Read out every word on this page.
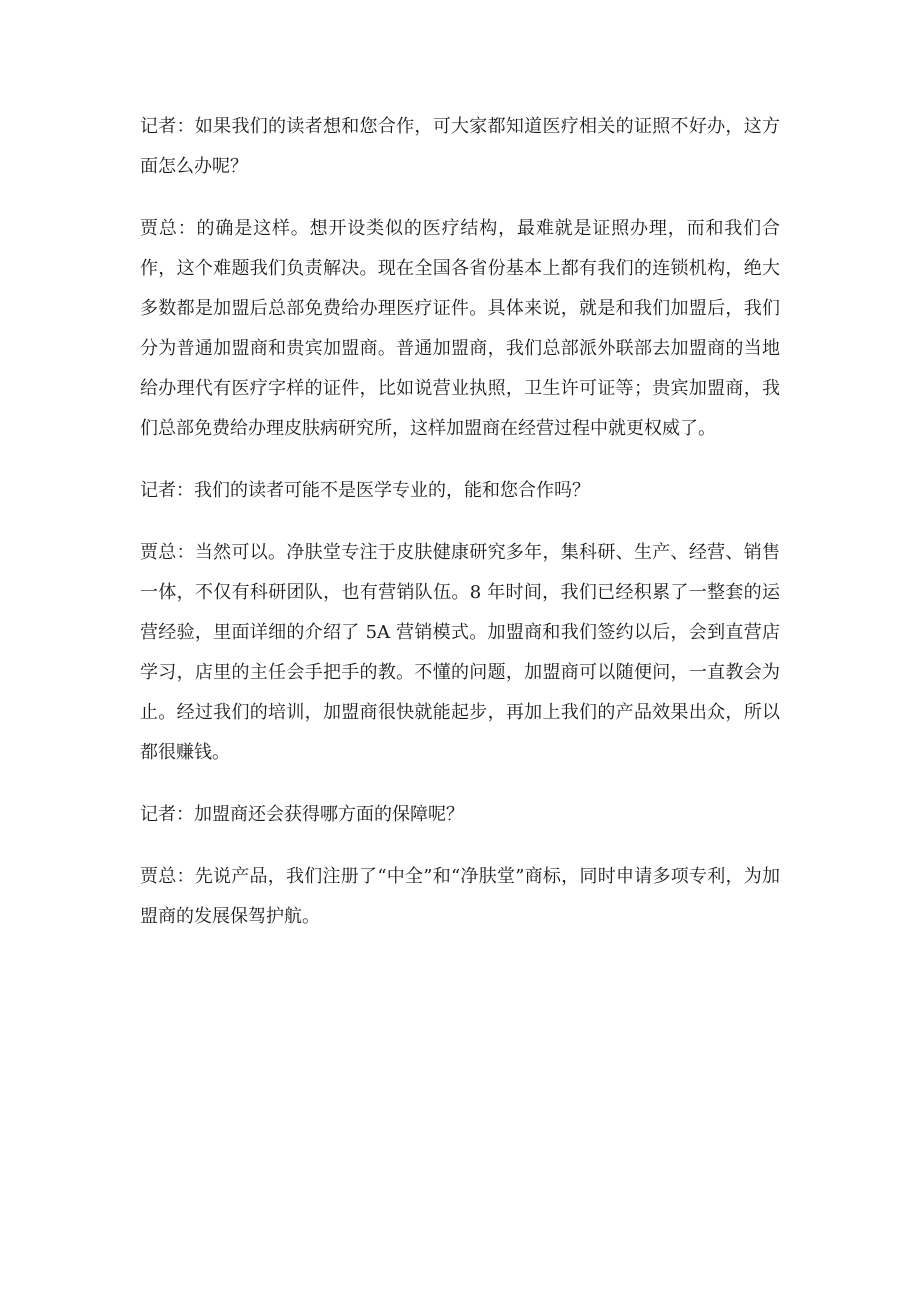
记者：如果我们的读者想和您合作，可大家都知道医疗相关的证照不好办，这方面怎么办呢？

贾总：的确是这样。想开设类似的医疗结构，最难就是证照办理，而和我们合作，这个难题我们负责解决。现在全国各省份基本上都有我们的连锁机构，绝大多数都是加盟后总部免费给办理医疗证件。具体来说，就是和我们加盟后，我们分为普通加盟商和贵宾加盟商。普通加盟商，我们总部派外联部去加盟商的当地给办理代有医疗字样的证件，比如说营业执照，卫生许可证等；贵宾加盟商，我们总部免费给办理皮肤病研究所，这样加盟商在经营过程中就更权威了。

记者：我们的读者可能不是医学专业的，能和您合作吗？

贾总：当然可以。净肤堂专注于皮肤健康研究多年，集科研、生产、经营、销售一体，不仅有科研团队，也有营销队伍。8 年时间，我们已经积累了一整套的运营经验，里面详细的介绍了 5A 营销模式。加盟商和我们签约以后，会到直营店学习，店里的主任会手把手的教。不懂的问题，加盟商可以随便问，一直教会为止。经过我们的培训，加盟商很快就能起步，再加上我们的产品效果出众，所以都很赚钱。

记者：加盟商还会获得哪方面的保障呢？

贾总：先说产品，我们注册了“中全”和“净肤堂”商标，同时申请多项专利，为加盟商的发展保驾护航。
